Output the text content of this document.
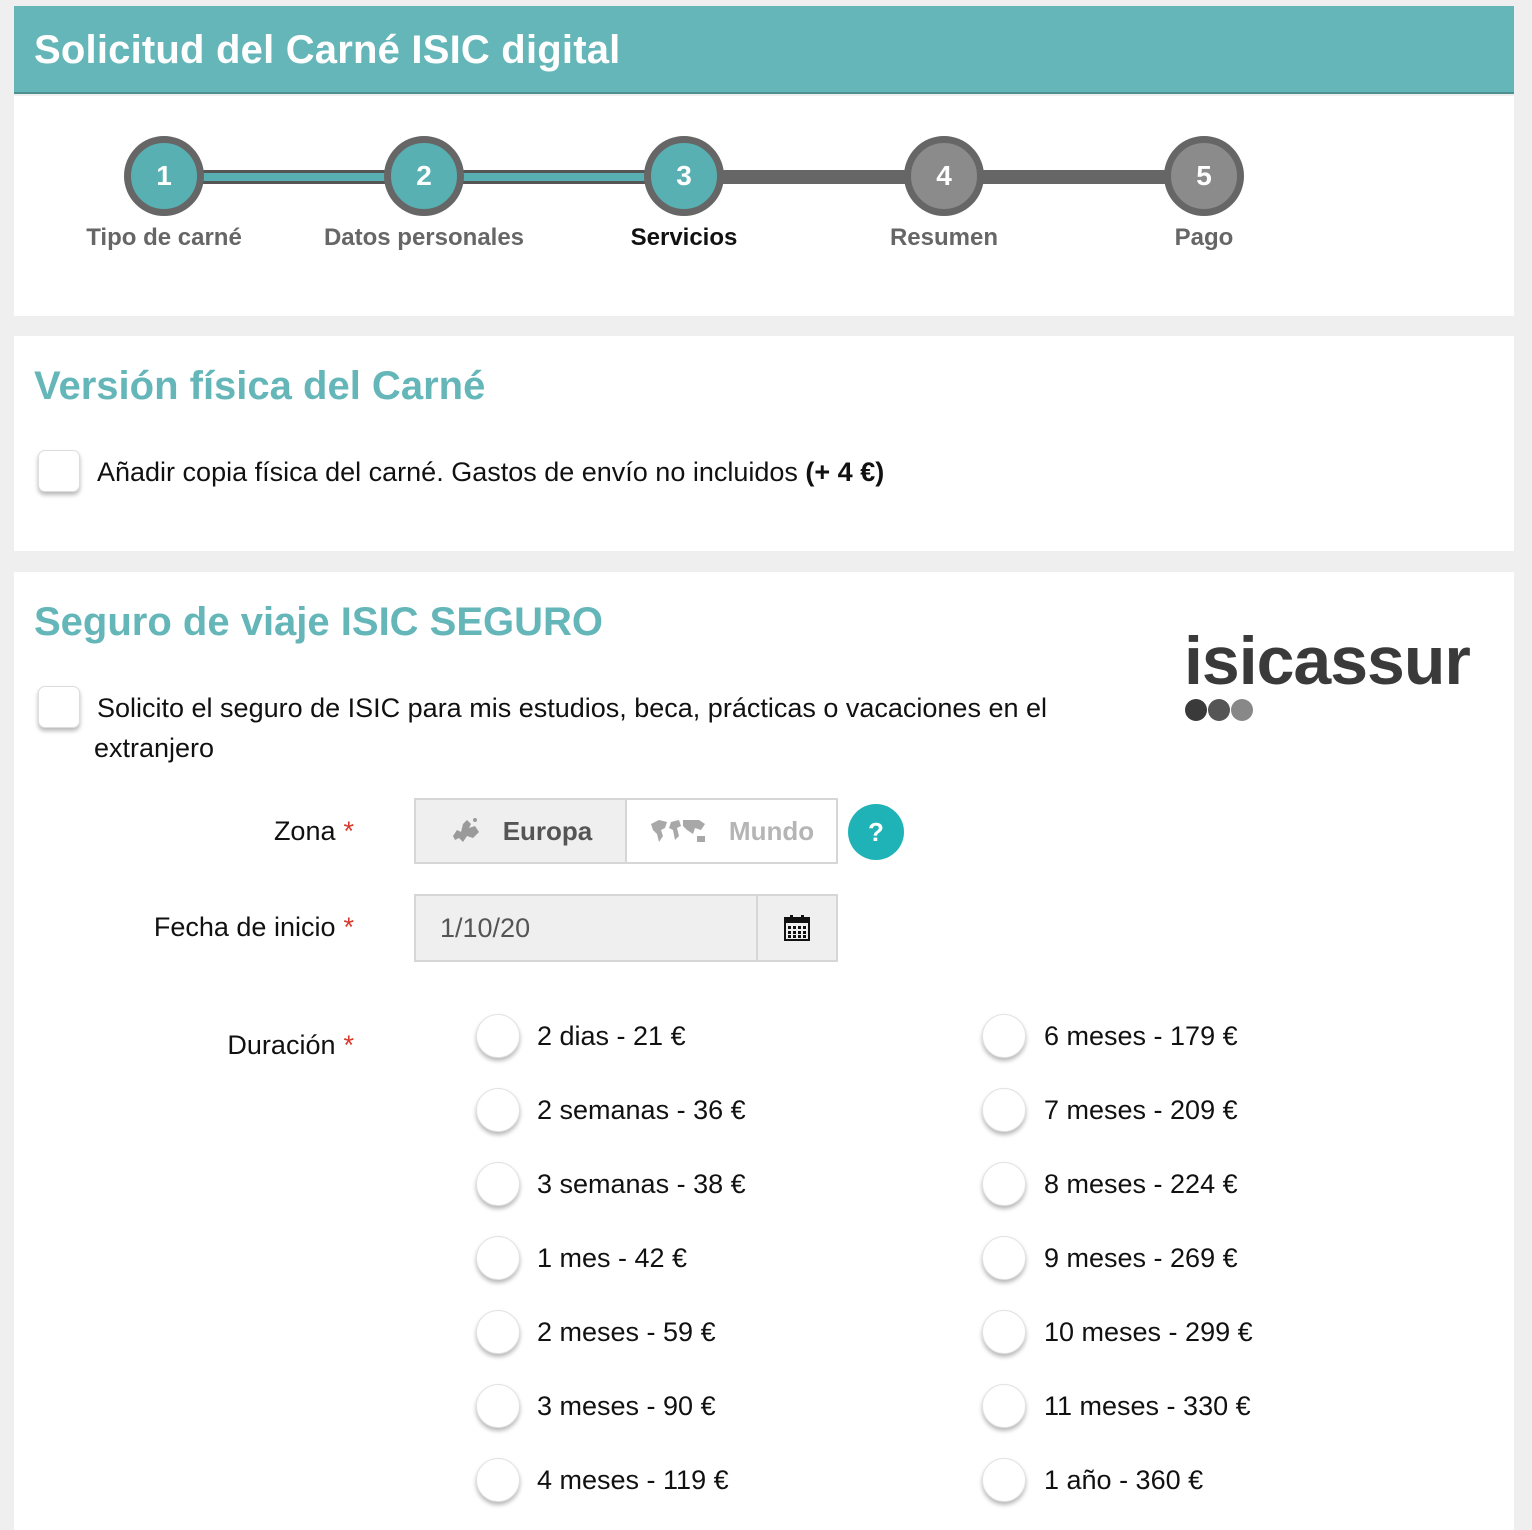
Solicitud del Carné ISIC digital
1	2	3	4	5
Tipo de carné	Datos personales	Servicios	Resumen	Pago
Versión física del Carné
Añadir copia física del carné. Gastos de envío no incluidos (+ 4 €)
Seguro de viaje ISIC SEGURO
isicassur
Solicito el seguro de ISIC para mis estudios, beca, prácticas o vacaciones en el
extranjero
Zona *	Europa	Mundo	?
Fecha de inicio *
1/10/20
Duración *	2 dias - 21 €
2 semanas - 36 €
3 semanas - 38 €
1 mes - 42 €
2 meses - 59 €
3 meses - 90 €
4 meses - 119 €
6 meses - 179 €
7 meses - 209 €
8 meses - 224 €
9 meses - 269 €
10 meses - 299 €
11 meses - 330 €
1 año - 360 €
